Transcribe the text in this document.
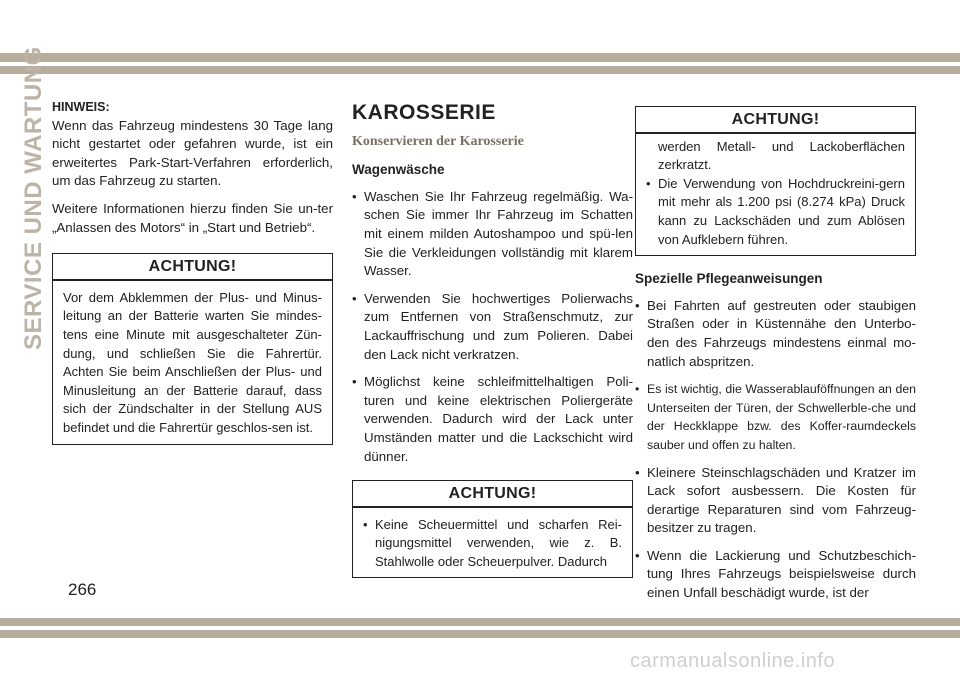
SERVICE UND WARTUNG HINWEIS:

Wenn das Fahrzeug mindestens 30 Tage lang nicht gestartet oder gefahren wurde, ist ein erweitertes Park-Start-Verfahren erforderlich, um das Fahrzeug zu starten.

Weitere Informationen hierzu finden Sie un-ter „Anlassen des Motors“ in „Start und Betrieb“.

ACHTUNG!
Vor dem Abklemmen der Plus- und Minus-leitung an der Batterie warten Sie mindes-tens eine Minute mit ausgeschalteter Zün-dung, und schließen Sie die Fahrertür. Achten Sie beim Anschließen der Plus- und Minusleitung an der Batterie darauf, dass sich der Zündschalter in der Stellung AUS befindet und die Fahrertür geschlos-sen ist.
KAROSSERIE
Konservieren der Karosserie
Wagenwäsche
• Waschen Sie Ihr Fahrzeug regelmäßig. Wa-schen Sie immer Ihr Fahrzeug im Schatten mit einem milden Autoshampoo und spü-len Sie die Verkleidungen vollständig mit klarem Wasser.
• Verwenden Sie hochwertiges Polierwachs zum Entfernen von Straßenschmutz, zur Lackauffrischung und zum Polieren. Dabei den Lack nicht verkratzen.
• Möglichst keine schleifmittelhaltigen Poli-turen und keine elektrischen Poliergeräte verwenden. Dadurch wird der Lack unter Umständen matter und die Lackschicht wird dünner.
ACHTUNG!
• Keine Scheuermittel und scharfen Rei-nigungsmittel verwenden, wie z. B. Stahlwolle oder Scheuerpulver. Dadurch
ACHTUNG!
werden Metall- und Lackoberflächen zerkratzt.
• Die Verwendung von Hochdruckreini-gern mit mehr als 1.200 psi (8.274 kPa) Druck kann zu Lackschäden und zum Ablösen von Aufklebern führen.
Spezielle Pflegeanweisungen
• Bei Fahrten auf gestreuten oder staubigen Straßen oder in Küstennähe den Unterbo-den des Fahrzeugs mindestens einmal mo-natlich abspritzen.
• Es ist wichtig, die Wasserablauföffnungen an den Unterseiten der Türen, der Schwellerble-che und der Heckklappe bzw. des Koffer-raumdeckels sauber und offen zu halten.
• Kleinere Steinschlagschäden und Kratzer im Lack sofort ausbessern. Die Kosten für derartige Reparaturen sind vom Fahrzeug-besitzer zu tragen.
• Wenn die Lackierung und Schutzbeschich-tung Ihres Fahrzeugs beispielsweise durch einen Unfall beschädigt wurde, ist der
266
carmanualsonline.info
